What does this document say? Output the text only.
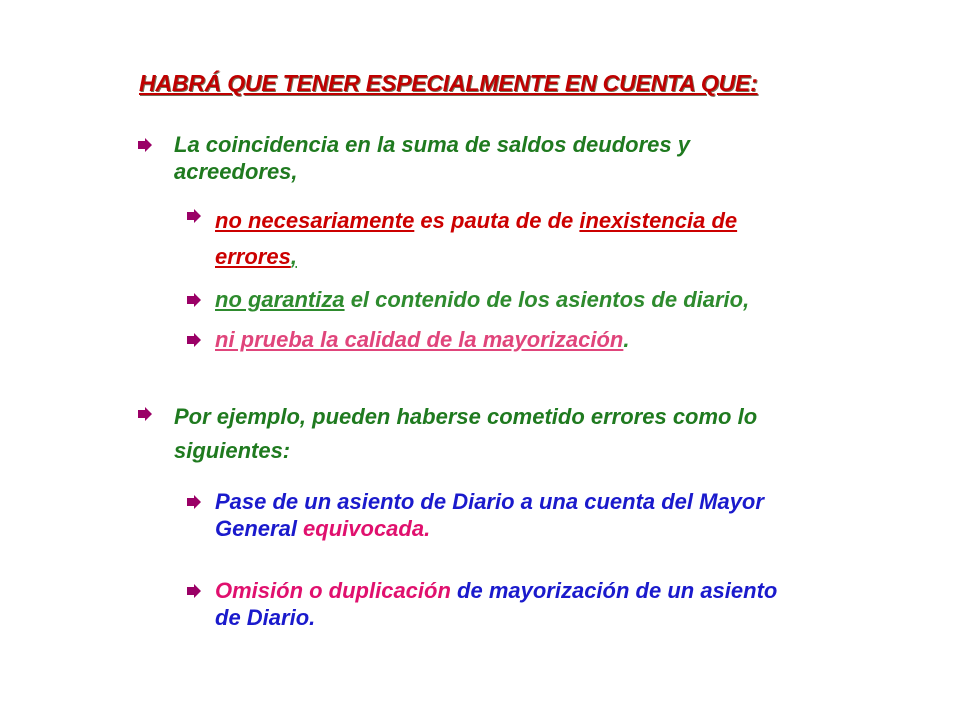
HABRÁ QUE TENER ESPECIALMENTE EN CUENTA QUE:
La coincidencia en la suma de saldos deudores y
acreedores,
no necesariamente es pauta de de inexistencia de
errores,
no garantiza el contenido de los asientos de diario,
ni prueba la calidad de la mayorización.
Por ejemplo, pueden haberse cometido errores como lo
siguientes:
Pase de un asiento de Diario a una cuenta del Mayor
General equivocada.
Omisión o duplicación de mayorización de un asiento
de Diario.
